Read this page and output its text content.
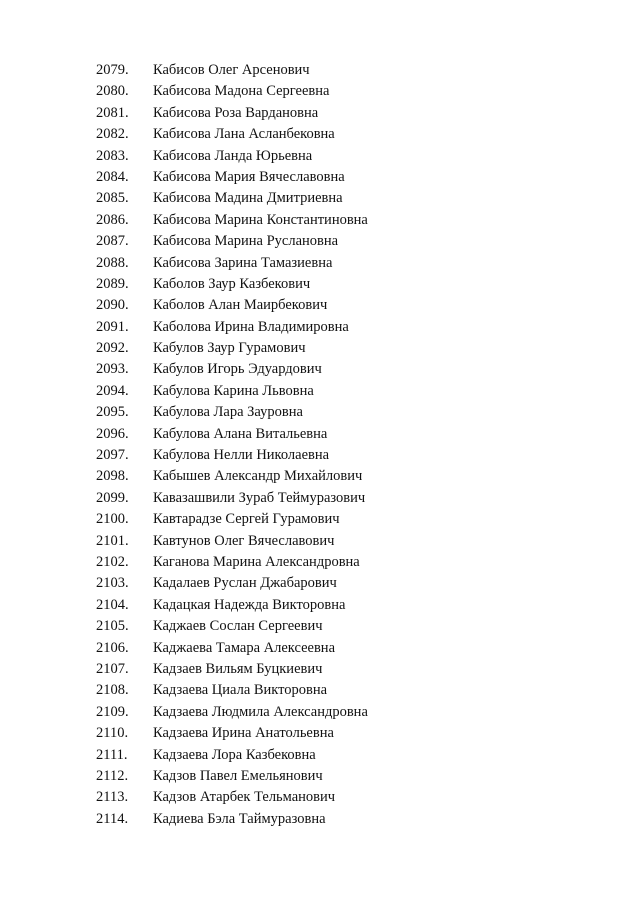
2079.	Кабисов Олег Арсенович
2080.	Кабисова Мадона Сергеевна
2081.	Кабисова Роза Вардановна
2082.	Кабисова Лана Асланбековна
2083.	Кабисова Ланда Юрьевна
2084.	Кабисова Мария Вячеславовна
2085.	Кабисова Мадина Дмитриевна
2086.	Кабисова Марина Константиновна
2087.	Кабисова Марина Руслановна
2088.	Кабисова Зарина Тамазиевна
2089.	Каболов Заур Казбекович
2090.	Каболов Алан Маирбекович
2091.	Каболова Ирина Владимировна
2092.	Кабулов Заур Гурамович
2093.	Кабулов Игорь Эдуардович
2094.	Кабулова Карина Львовна
2095.	Кабулова Лара Зауровна
2096.	Кабулова Алана Витальевна
2097.	Кабулова Нелли Николаевна
2098.	Кабышев Александр Михайлович
2099.	Кавазашвили Зураб Теймуразович
2100.	Кавтарадзе Сергей Гурамович
2101.	Кавтунов Олег Вячеславович
2102.	Каганова Марина Александровна
2103.	Кадалаев Руслан Джабарович
2104.	Кадацкая Надежда Викторовна
2105.	Каджаев Сослан Сергеевич
2106.	Каджаева Тамара Алексеевна
2107.	Кадзаев Вильям Буцкиевич
2108.	Кадзаева Циала Викторовна
2109.	Кадзаева Людмила Александровна
2110.	Кадзаева Ирина Анатольевна
2111.	Кадзаева Лора Казбековна
2112.	Кадзов Павел Емельянович
2113.	Кадзов Атарбек Тельманович
2114.	Кадиева Бэла Таймуразовна
